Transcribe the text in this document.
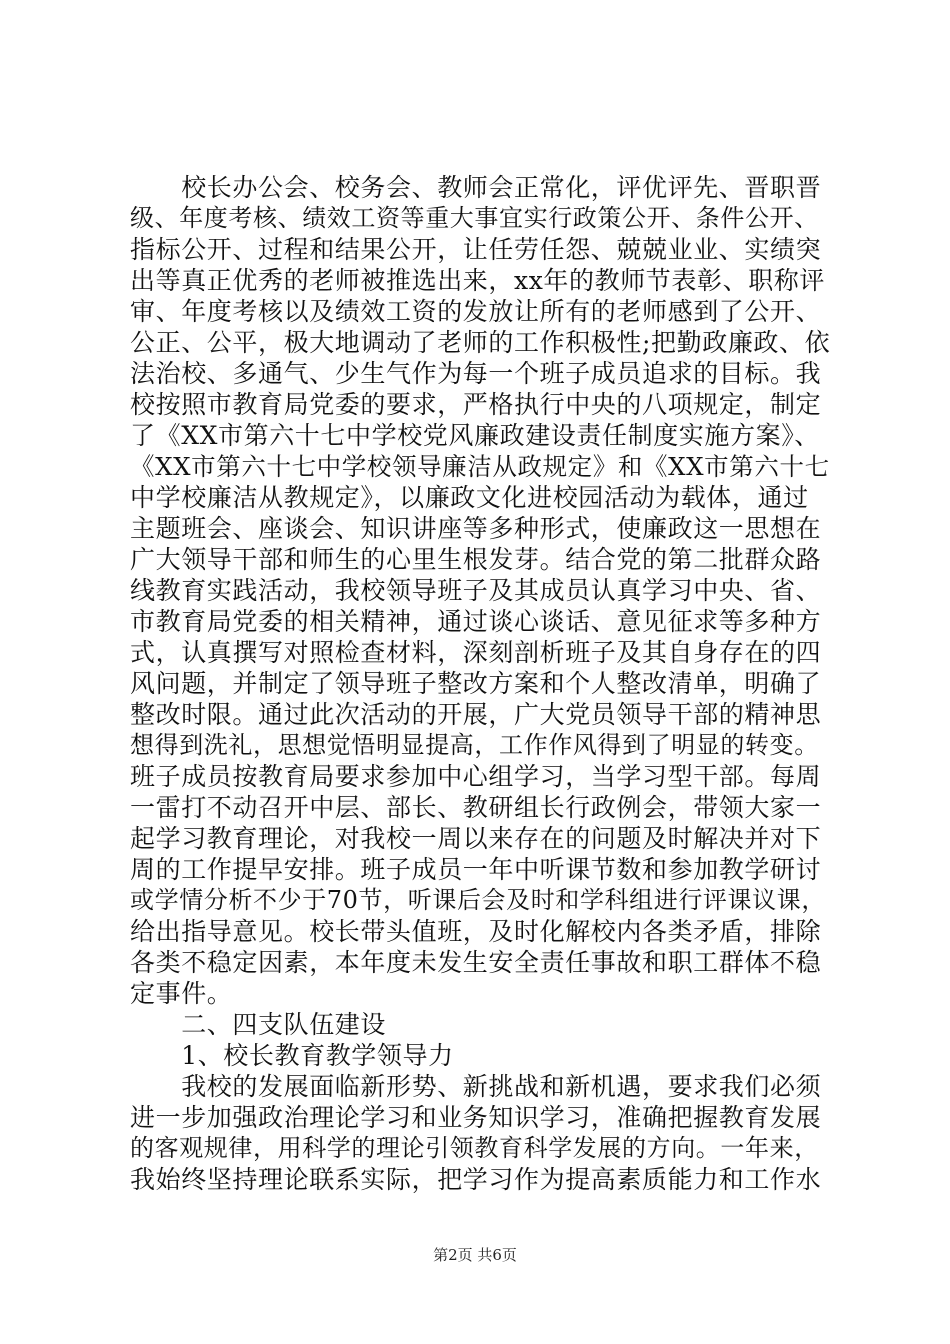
　　校长办公会、校务会、教师会正常化，评优评先、晋职晋
级、年度考核、绩效工资等重大事宜实行政策公开、条件公开、
指标公开、过程和结果公开，让任劳任怨、兢兢业业、实绩突
出等真正优秀的老师被推选出来，xx年的教师节表彰、职称评
审、年度考核以及绩效工资的发放让所有的老师感到了公开、
公正、公平，极大地调动了老师的工作积极性;把勤政廉政、依
法治校、多通气、少生气作为每一个班子成员追求的目标。我
校按照市教育局党委的要求，严格执行中央的八项规定，制定
了《XX市第六十七中学校党风廉政建设责任制度实施方案》、
《XX市第六十七中学校领导廉洁从政规定》和《XX市第六十七
中学校廉洁从教规定》，以廉政文化进校园活动为载体，通过
主题班会、座谈会、知识讲座等多种形式，使廉政这一思想在
广大领导干部和师生的心里生根发芽。结合党的第二批群众路
线教育实践活动，我校领导班子及其成员认真学习中央、省、
市教育局党委的相关精神，通过谈心谈话、意见征求等多种方
式，认真撰写对照检查材料，深刻剖析班子及其自身存在的四
风问题，并制定了领导班子整改方案和个人整改清单，明确了
整改时限。通过此次活动的开展，广大党员领导干部的精神思
想得到洗礼，思想觉悟明显提高，工作作风得到了明显的转变。
班子成员按教育局要求参加中心组学习，当学习型干部。每周
一雷打不动召开中层、部长、教研组长行政例会，带领大家一
起学习教育理论，对我校一周以来存在的问题及时解决并对下
周的工作提早安排。班子成员一年中听课节数和参加教学研讨
或学情分析不少于70节，听课后会及时和学科组进行评课议课，
给出指导意见。校长带头值班，及时化解校内各类矛盾，排除
各类不稳定因素，本年度未发生安全责任事故和职工群体不稳
定事件。
　　二、四支队伍建设
　　1、校长教育教学领导力
　　我校的发展面临新形势、新挑战和新机遇，要求我们必须
进一步加强政治理论学习和业务知识学习，准确把握教育发展
的客观规律，用科学的理论引领教育科学发展的方向。一年来，
我始终坚持理论联系实际，把学习作为提高素质能力和工作水
第2页 共6页
